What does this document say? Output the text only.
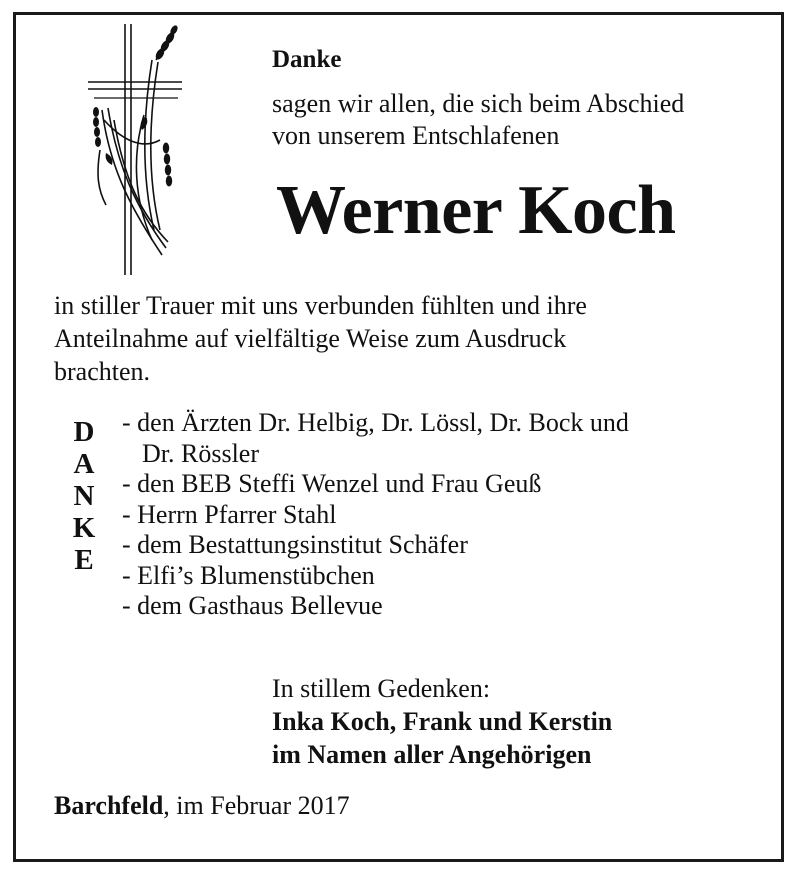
Danke
sagen wir allen, die sich beim Abschied
von unserem Entschlafenen
Werner Koch
in stiller Trauer mit uns verbunden fühlten und ihre
Anteilnahme auf vielfältige Weise zum Ausdruck
brachten.
D
A
N
K
E
- den Ärzten Dr. Helbig, Dr. Lössl, Dr. Bock und
Dr. Rössler
- den BEB Steffi Wenzel und Frau Geuß
- Herrn Pfarrer Stahl
- dem Bestattungsinstitut Schäfer
- Elfi’s Blumenstübchen
- dem Gasthaus Bellevue
In stillem Gedenken:
Inka Koch, Frank und Kerstin
im Namen aller Angehörigen
Barchfeld, im Februar 2017
